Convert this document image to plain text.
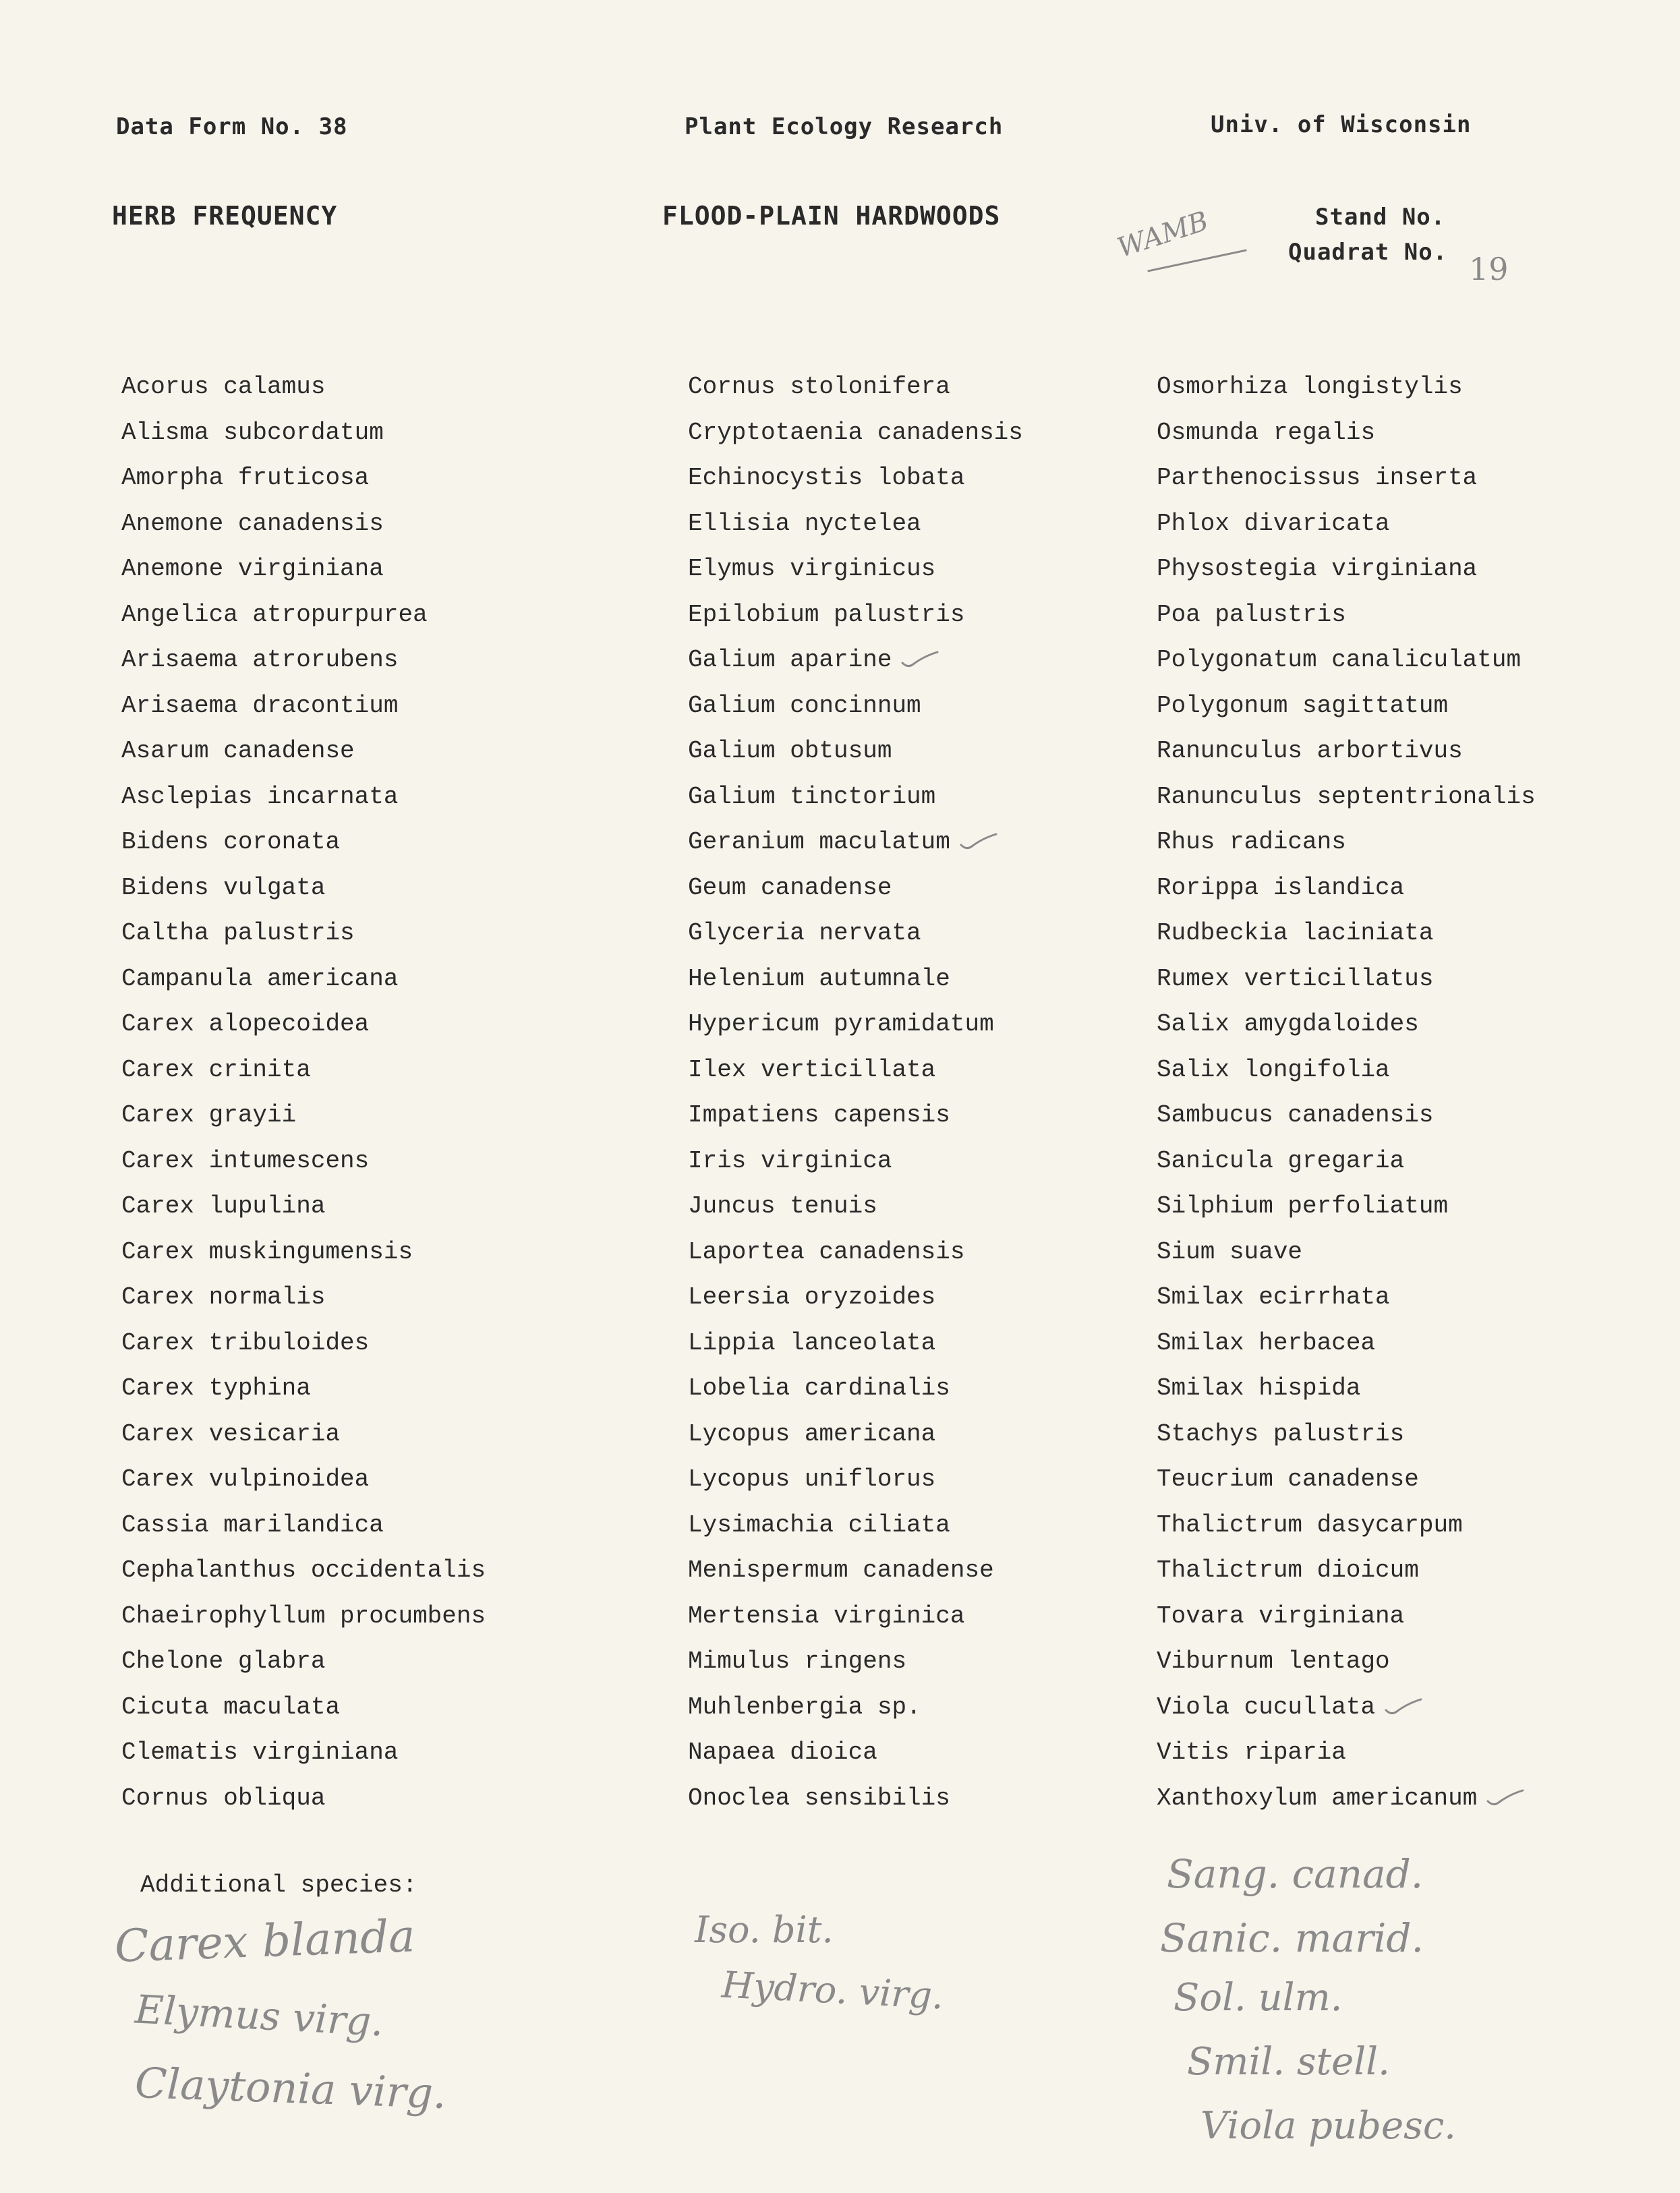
Data Form No. 38	Plant Ecology Research	Univ. of Wisconsin
HERB FREQUENCY	FLOOD-PLAIN HARDWOODS	Stand No.
Quadrat No.
WAMB
19
Acorus calamus
Alisma subcordatum
Amorpha fruticosa
Anemone canadensis
Anemone virginiana
Angelica atropurpurea
Arisaema atrorubens
Arisaema dracontium
Asarum canadense
Asclepias incarnata
Bidens coronata
Bidens vulgata
Caltha palustris
Campanula americana
Carex alopecoidea
Carex crinita
Carex grayii
Carex intumescens
Carex lupulina
Carex muskingumensis
Carex normalis
Carex tribuloides
Carex typhina
Carex vesicaria
Carex vulpinoidea
Cassia marilandica
Cephalanthus occidentalis
Chaeirophyllum procumbens
Chelone glabra
Cicuta maculata
Clematis virginiana
Cornus obliqua
Cornus stolonifera
Cryptotaenia canadensis
Echinocystis lobata
Ellisia nyctelea
Elymus virginicus
Epilobium palustris
Galium aparine
Galium concinnum
Galium obtusum
Galium tinctorium
Geranium maculatum
Geum canadense
Glyceria nervata
Helenium autumnale
Hypericum pyramidatum
Ilex verticillata
Impatiens capensis
Iris virginica
Juncus tenuis
Laportea canadensis
Leersia oryzoides
Lippia lanceolata
Lobelia cardinalis
Lycopus americana
Lycopus uniflorus
Lysimachia ciliata
Menispermum canadense
Mertensia virginica
Mimulus ringens
Muhlenbergia sp.
Napaea dioica
Onoclea sensibilis
Osmorhiza longistylis
Osmunda regalis
Parthenocissus inserta
Phlox divaricata
Physostegia virginiana
Poa palustris
Polygonatum canaliculatum
Polygonum sagittatum
Ranunculus arbortivus
Ranunculus septentrionalis
Rhus radicans
Rorippa islandica
Rudbeckia laciniata
Rumex verticillatus
Salix amygdaloides
Salix longifolia
Sambucus canadensis
Sanicula gregaria
Silphium perfoliatum
Sium suave
Smilax ecirrhata
Smilax herbacea
Smilax hispida
Stachys palustris
Teucrium canadense
Thalictrum dasycarpum
Thalictrum dioicum
Tovara virginiana
Viburnum lentago
Viola cucullata
Vitis riparia
Xanthoxylum americanum
Additional species:
Carex blanda
Elymus virg.
Claytonia virg.
Iso. bit.
Hydro. virg.
Sang. canad.
Sanic. marid.
Sol. ulm.
Smil. stell.
Viola pubesc.
